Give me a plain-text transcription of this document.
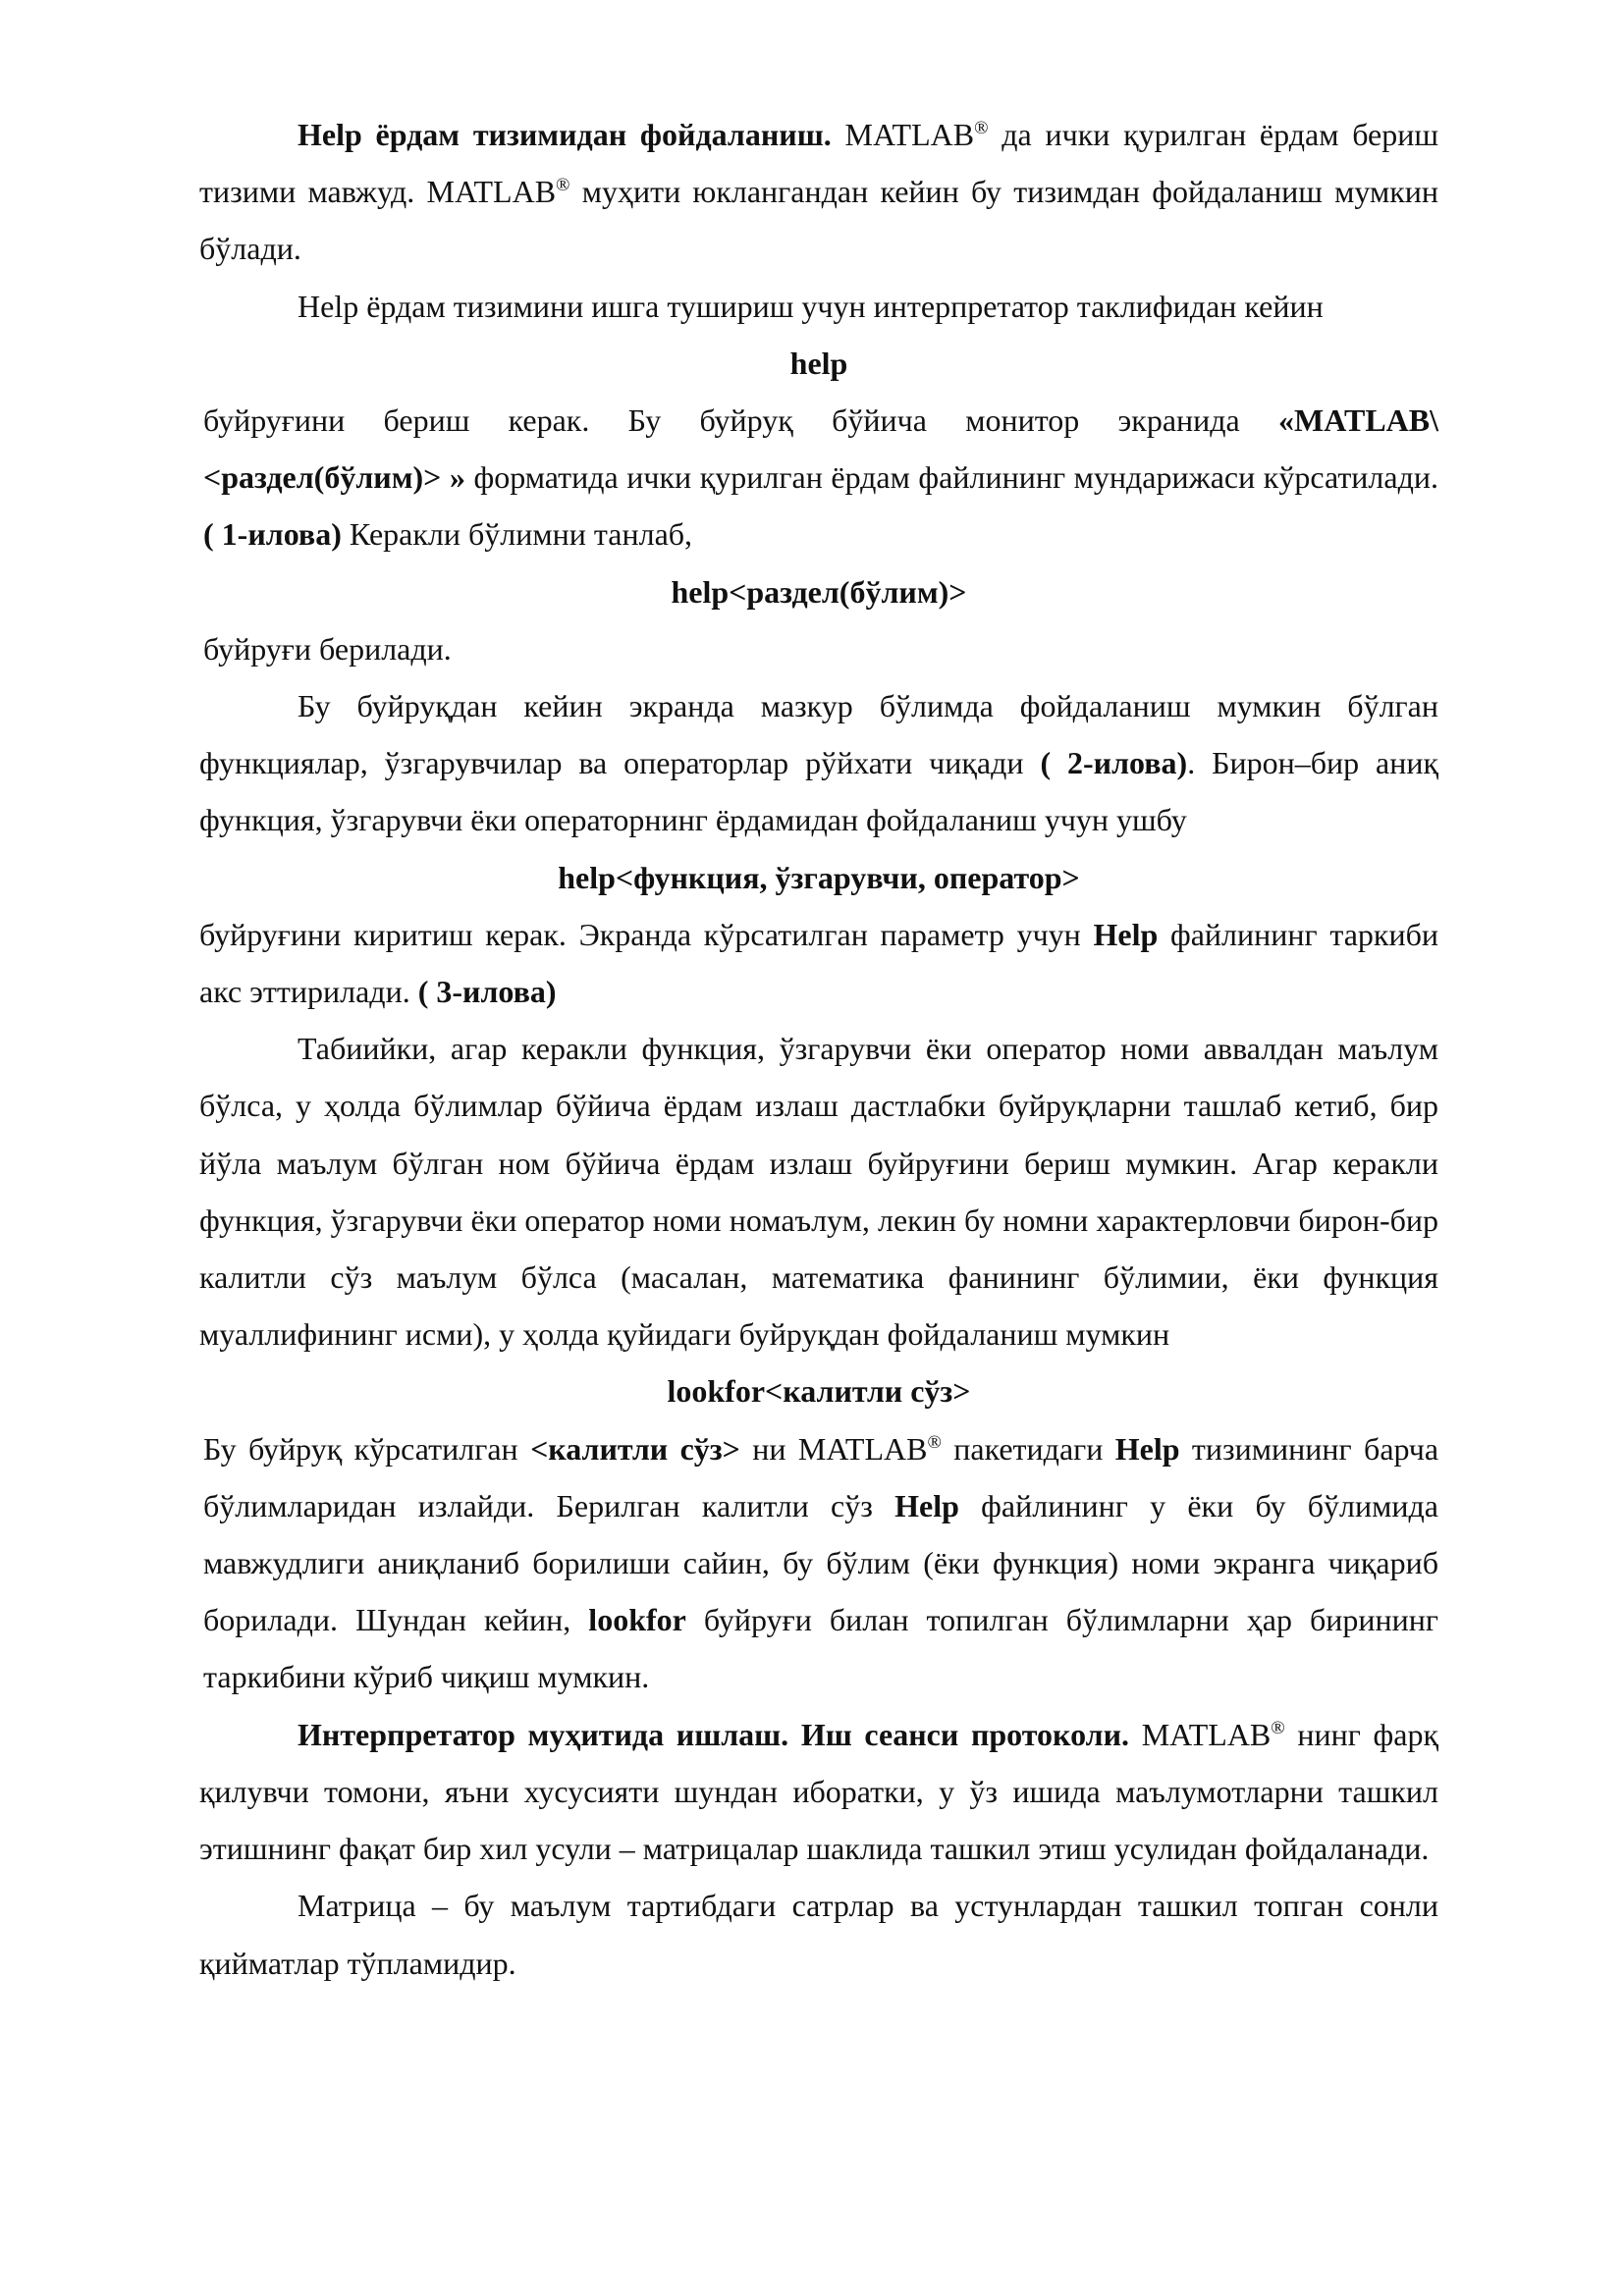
Help ёрдам тизимидан фойдаланиш. MATLAB® да ички қурилган ёрдам бериш тизими мавжуд. MATLAB® муҳити юклангандан кейин бу тизимдан фойдаланиш мумкин бўлади.

Help ёрдам тизимини ишга тушириш учун интерпретатор таклифидан кейин

help

буйруғини бериш керак. Бу буйруқ бўйича монитор экранида «MATLAB\ <раздел(бўлим)> » форматида ички қурилган ёрдам файлининг мундарижаси кўрсатилади. ( 1-илова) Керакли бўлимни танлаб,

help<раздел(бўлим)>

буйруғи берилади.

Бу буйруқдан кейин экранда мазкур бўлимда фойдаланиш мумкин бўлган функциялар, ўзгарувчилар ва операторлар рўйхати чиқади ( 2-илова). Бирон–бир аниқ функция, ўзгарувчи ёки операторнинг ёрдамидан фойдаланиш учун ушбу

help<функция, ўзгарувчи, оператор>

буйруғини киритиш керак. Экранда кўрсатилган параметр учун Help файлининг таркиби акс эттирилади. ( 3-илова)

Табиийки, агар керакли функция, ўзгарувчи ёки оператор номи аввалдан маълум бўлса, у ҳолда бўлимлар бўйича ёрдам излаш дастлабки буйруқларни ташлаб кетиб, бир йўла маълум бўлган ном бўйича ёрдам излаш буйруғини бериш мумкин. Агар керакли функция, ўзгарувчи ёки оператор номи номаълум, лекин бу номни характерловчи бирон-бир калитли сўз маълум бўлса (масалан, математика фанининг бўлимии, ёки функция муаллифининг исми), у ҳолда қуйидаги буйруқдан фойдаланиш мумкин

lookfor<калитли сўз>

Бу буйруқ кўрсатилган <калитли сўз> ни MATLAB® пакетидаги Help тизимининг барча бўлимларидан излайди. Берилган калитли сўз Help файлининг у ёки бу бўлимида мавжудлиги аниқланиб борилиши сайин, бу бўлим (ёки функция) номи экранга чиқариб борилади. Шундан кейин, lookfor буйруғи билан топилган бўлимларни ҳар бирининг таркибини кўриб чиқиш мумкин.

Интерпретатор муҳитида ишлаш. Иш сеанси протоколи. MATLAB® нинг фарқ қилувчи томони, яъни хусусияти шундан иборатки, у ўз ишида маълумотларни ташкил этишнинг фақат бир хил усули – матрицалар шаклида ташкил этиш усулидан фойдаланади.

Матрица – бу маълум тартибдаги сатрлар ва устунлардан ташкил топган сонли қийматлар тўпламидир.
